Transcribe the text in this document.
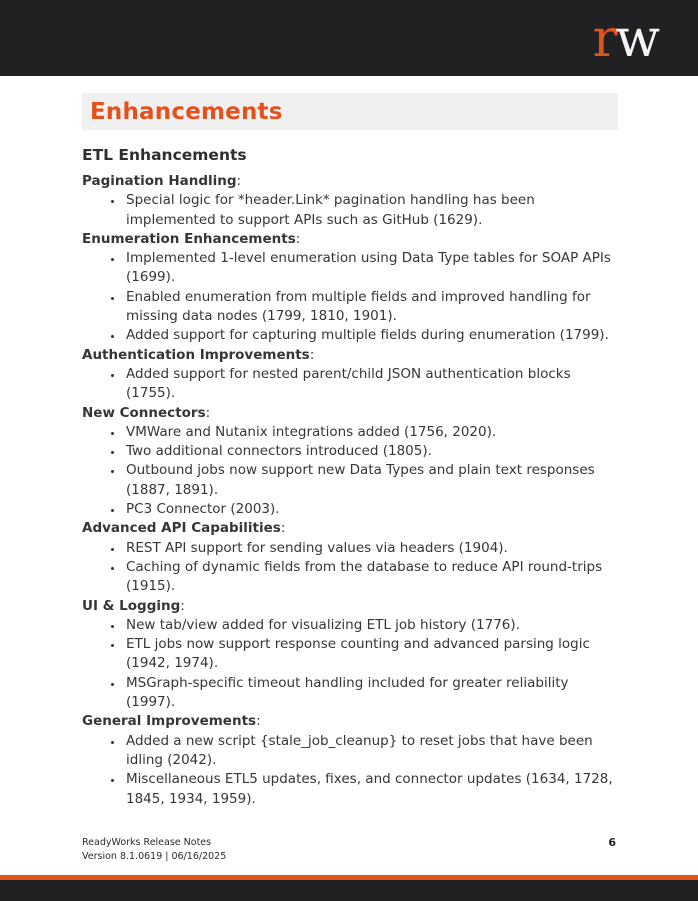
rw
Enhancements
ETL Enhancements
Pagination Handling:
• Special logic for *header.Link* pagination handling has been implemented to support APIs such as GitHub (1629).
Enumeration Enhancements:
• Implemented 1-level enumeration using Data Type tables for SOAP APIs (1699).
• Enabled enumeration from multiple fields and improved handling for missing data nodes (1799, 1810, 1901).
• Added support for capturing multiple fields during enumeration (1799).
Authentication Improvements:
• Added support for nested parent/child JSON authentication blocks (1755).
New Connectors:
• VMWare and Nutanix integrations added (1756, 2020).
• Two additional connectors introduced (1805).
• Outbound jobs now support new Data Types and plain text responses (1887, 1891).
• PC3 Connector (2003).
Advanced API Capabilities:
• REST API support for sending values via headers (1904).
• Caching of dynamic fields from the database to reduce API round-trips (1915).
UI & Logging:
• New tab/view added for visualizing ETL job history (1776).
• ETL jobs now support response counting and advanced parsing logic (1942, 1974).
• MSGraph-specific timeout handling included for greater reliability (1997).
General Improvements:
• Added a new script {stale_job_cleanup} to reset jobs that have been idling (2042).
• Miscellaneous ETL5 updates, fixes, and connector updates (1634, 1728, 1845, 1934, 1959).
ReadyWorks Release Notes
Version 8.1.0619 | 06/16/2025
6
